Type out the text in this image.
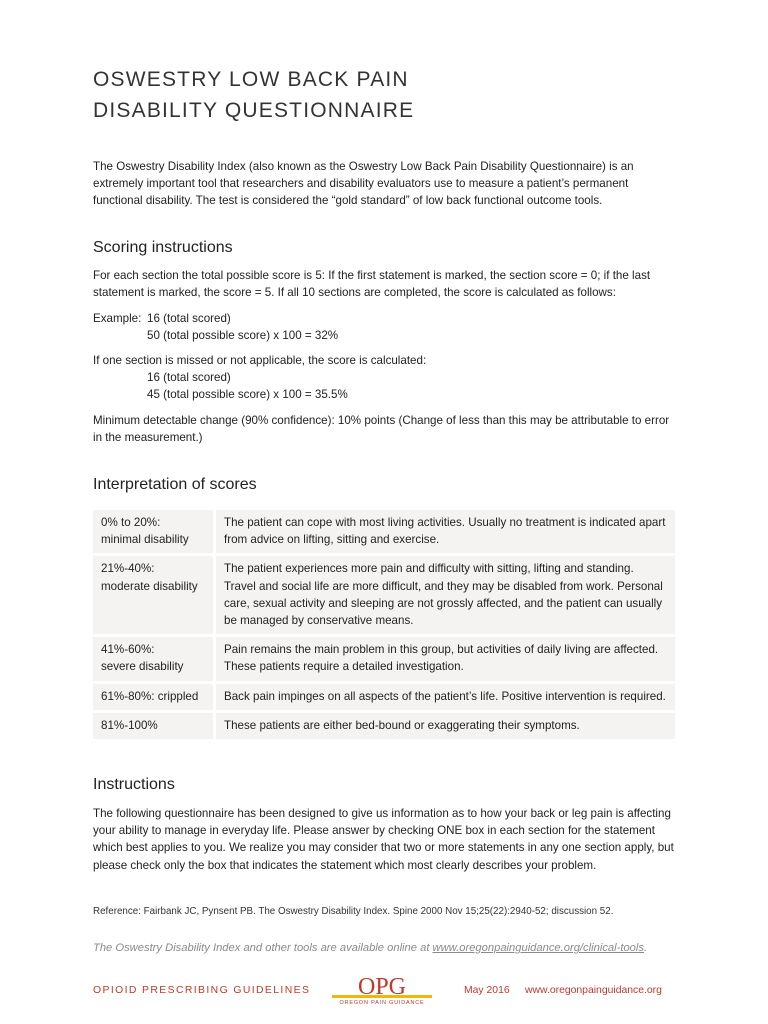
OSWESTRY LOW BACK PAIN
DISABILITY QUESTIONNAIRE

The Oswestry Disability Index (also known as the Oswestry Low Back Pain Disability Questionnaire) is an extremely important tool that researchers and disability evaluators use to measure a patient’s permanent functional disability. The test is considered the “gold standard” of low back functional outcome tools.

Scoring instructions

For each section the total possible score is 5: If the first statement is marked, the section score = 0; if the last statement is marked, the score = 5. If all 10 sections are completed, the score is calculated as follows:

Example: 16 (total scored)
50 (total possible score) x 100 = 32%

If one section is missed or not applicable, the score is calculated:

16 (total scored)
45 (total possible score) x 100 = 35.5%

Minimum detectable change (90% confidence): 10% points (Change of less than this may be attributable to error in the measurement.)

Interpretation of scores
0% to 20%:
minimal disability	The patient can cope with most living activities. Usually no treatment is indicated apart from advice on lifting, sitting and exercise.
21%-40%:
moderate disability	The patient experiences more pain and difficulty with sitting, lifting and standing. Travel and social life are more difficult, and they may be disabled from work. Personal care, sexual activity and sleeping are not grossly affected, and the patient can usually be managed by conservative means.
41%-60%:
severe disability	Pain remains the main problem in this group, but activities of daily living are affected. These patients require a detailed investigation.
61%-80%: crippled	Back pain impinges on all aspects of the patient’s life. Positive intervention is required.
81%-100%	These patients are either bed-bound or exaggerating their symptoms.
Instructions

The following questionnaire has been designed to give us information as to how your back or leg pain is affecting your ability to manage in everyday life. Please answer by checking ONE box in each section for the statement which best applies to you. We realize you may consider that two or more statements in any one section apply, but please check only the box that indicates the statement which most clearly describes your problem.

Reference: Fairbank JC, Pynsent PB. The Oswestry Disability Index. Spine 2000 Nov 15;25(22):2940-52; discussion 52.
The Oswestry Disability Index and other tools are available online at www.oregonpainguidance.org/clinical-tools.
OPIOID PRESCRIBING GUIDELINES OPG
OREGON PAIN GUIDANCE
May 2016 www.oregonpainguidance.org
